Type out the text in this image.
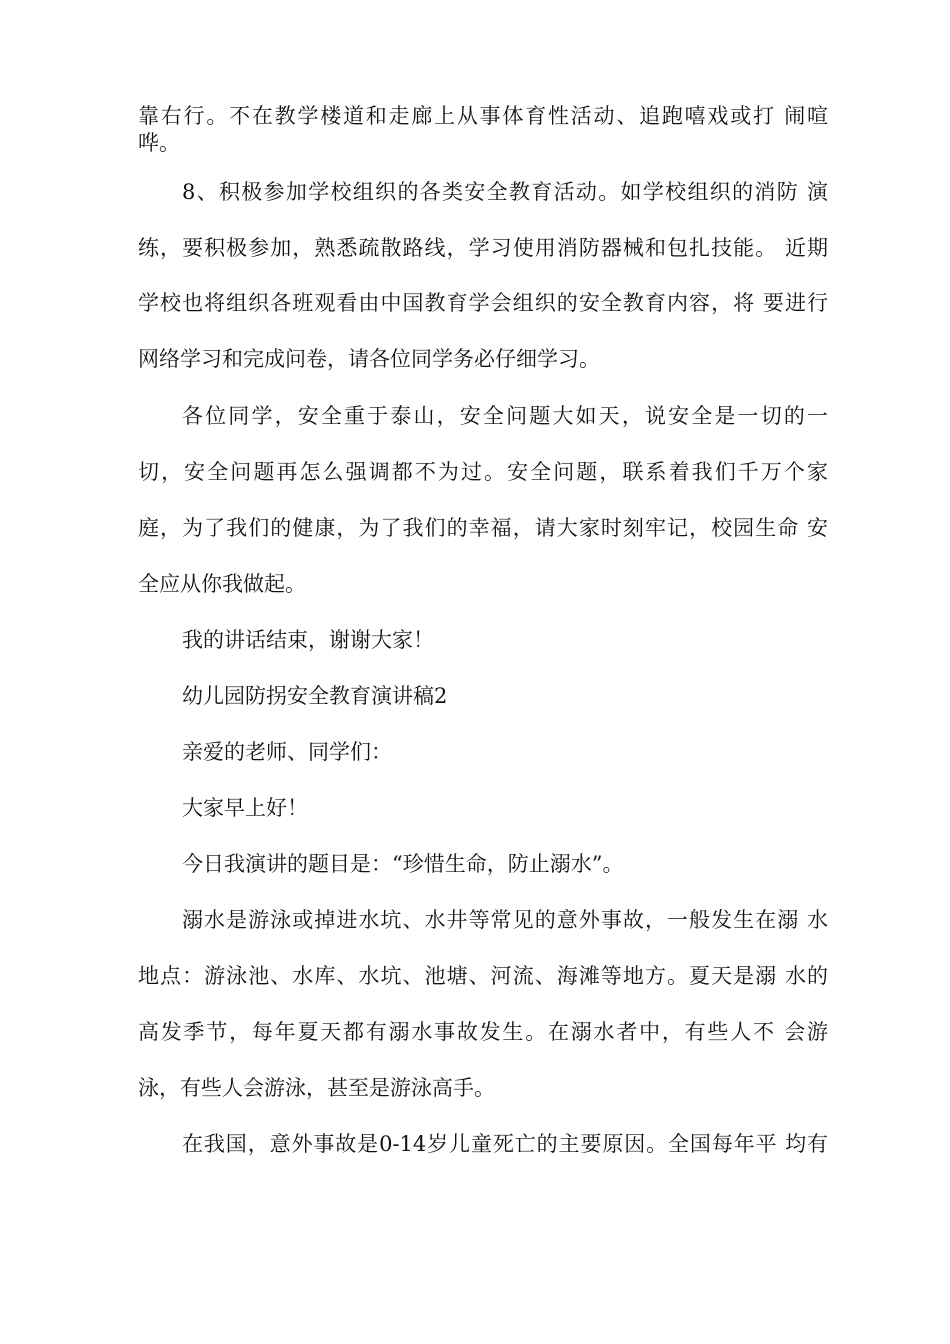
靠右行。不在教学楼道和走廊上从事体育性活动、追跑嘻戏或打 闹喧
哗。
8、积极参加学校组织的各类安全教育活动。如学校组织的消防 演
练，要积极参加，熟悉疏散路线，学习使用消防器械和包扎技能。 近期
学校也将组织各班观看由中国教育学会组织的安全教育内容，将 要进行
网络学习和完成问卷，请各位同学务必仔细学习。
各位同学，安全重于泰山，安全问题大如天，说安全是一切的一
切，安全问题再怎么强调都不为过。安全问题，联系着我们千万个家
庭，为了我们的健康，为了我们的幸福，请大家时刻牢记，校园生命 安
全应从你我做起。
我的讲话结束，谢谢大家！
幼儿园防拐安全教育演讲稿2
亲爱的老师、同学们：
大家早上好！
今日我演讲的题目是：“珍惜生命，防止溺水”。
溺水是游泳或掉进水坑、水井等常见的意外事故，一般发生在溺 水
地点：游泳池、水库、水坑、池塘、河流、海滩等地方。夏天是溺 水的
高发季节，每年夏天都有溺水事故发生。在溺水者中，有些人不 会游
泳，有些人会游泳，甚至是游泳高手。
在我国，意外事故是0-14岁儿童死亡的主要原因。全国每年平 均有
